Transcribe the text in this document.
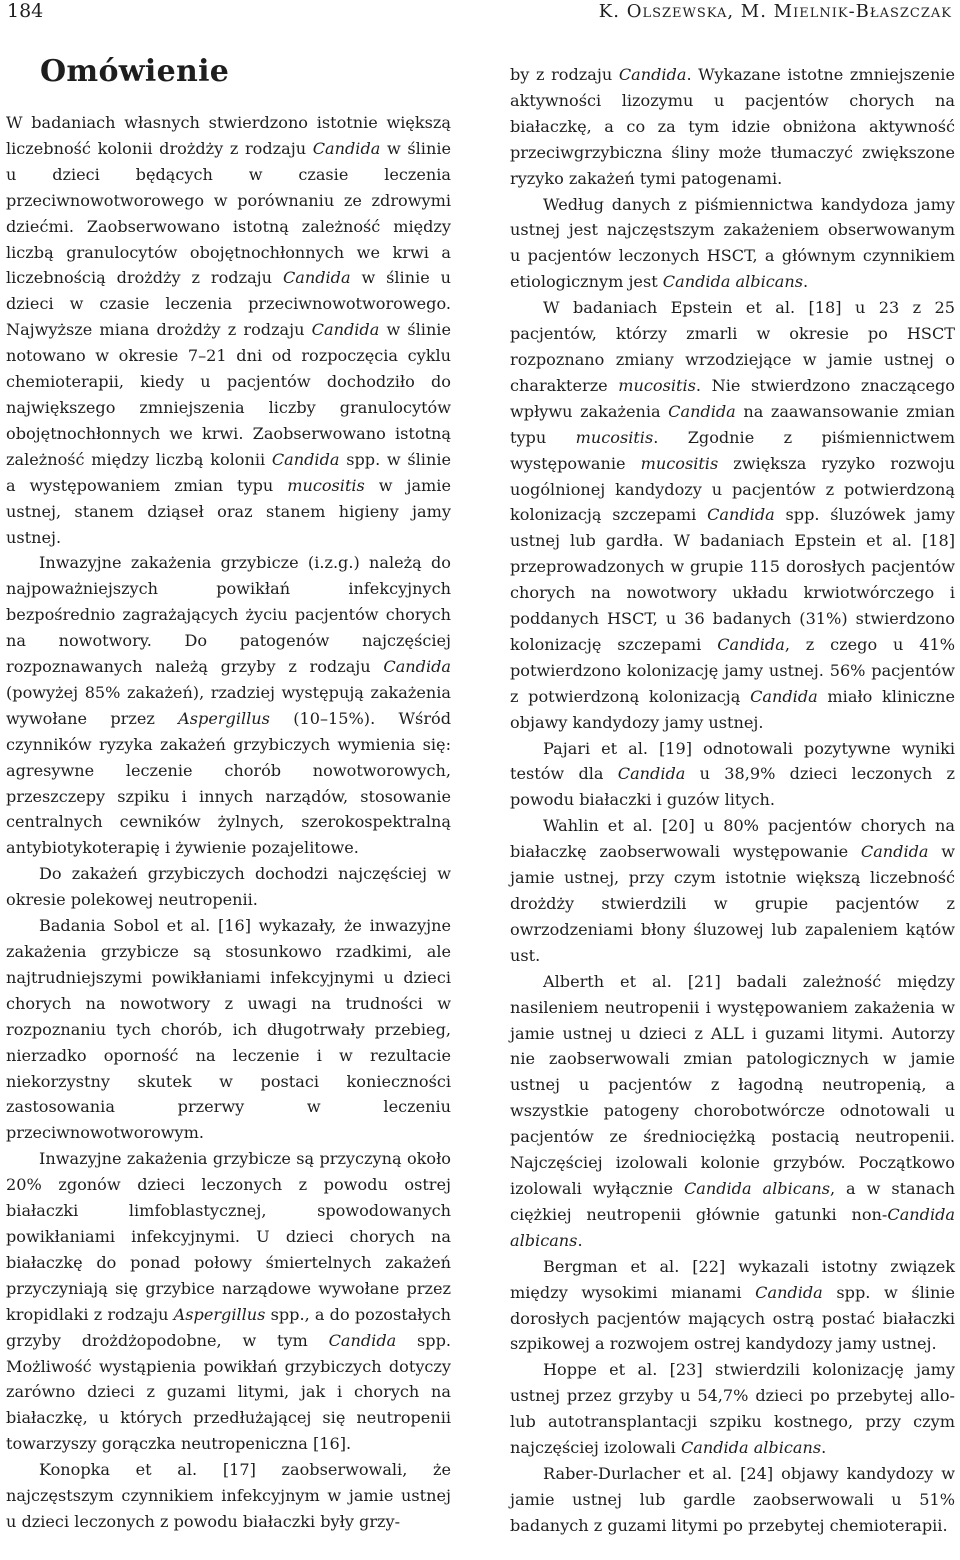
184	K. Olszewska, M. Mielnik-Błaszczak
Omówienie

W badaniach własnych stwierdzono istotnie większą liczebność kolonii drożdży z rodzaju Candida w ślinie u dzieci będących w czasie leczenia przeciwnowotworowego w porównaniu ze zdrowymi dziećmi. Zaobserwowano istotną zależność między liczbą granulocytów obojętnochłonnych we krwi a liczebnością drożdży z rodzaju Candida w ślinie u dzieci w czasie leczenia przeciwnowotworowego. Najwyższe miana drożdży z rodzaju Candida w ślinie notowano w okresie 7–21 dni od rozpoczęcia cyklu chemioterapii, kiedy u pacjentów dochodziło do największego zmniejszenia liczby granulocytów obojętnochłonnych we krwi. Zaobserwowano istotną zależność między liczbą kolonii Candida spp. w ślinie a występowaniem zmian typu mucositis w jamie ustnej, stanem dziąseł oraz stanem higieny jamy ustnej.

Inwazyjne zakażenia grzybicze (i.z.g.) należą do najpoważniejszych powikłań infekcyjnych bezpośrednio zagrażających życiu pacjentów chorych na nowotwory. Do patogenów najczęściej rozpoznawanych należą grzyby z rodzaju Candida (powyżej 85% zakażeń), rzadziej występują zakażenia wywołane przez Aspergillus (10–15%). Wśród czynników ryzyka zakażeń grzybiczych wymienia się: agresywne leczenie chorób nowotworowych, przeszczepy szpiku i innych narządów, stosowanie centralnych cewników żylnych, szerokospektralną antybiotykoterapię i żywienie pozajelitowe.

Do zakażeń grzybiczych dochodzi najczęściej w okresie polekowej neutropenii.

Badania Sobol et al. [16] wykazały, że inwazyjne zakażenia grzybicze są stosunkowo rzadkimi, ale najtrudniejszymi powikłaniami infekcyjnymi u dzieci chorych na nowotwory z uwagi na trudności w rozpoznaniu tych chorób, ich długotrwały przebieg, nierzadko oporność na leczenie i w rezultacie niekorzystny skutek w postaci konieczności zastosowania przerwy w leczeniu przeciwnowotworowym.

Inwazyjne zakażenia grzybicze są przyczyną około 20% zgonów dzieci leczonych z powodu ostrej białaczki limfoblastycznej, spowodowanych powikłaniami infekcyjnymi. U dzieci chorych na białaczkę do ponad połowy śmiertelnych zakażeń przyczyniają się grzybice narządowe wywołane przez kropidlaki z rodzaju Aspergillus spp., a do pozostałych grzyby drożdżopodobne, w tym Candida spp. Możliwość wystąpienia powikłań grzybiczych dotyczy zarówno dzieci z guzami litymi, jak i chorych na białaczkę, u których przedłużającej się neutropenii towarzyszy gorączka neutropeniczna [16].

Konopka et al. [17] zaobserwowali, że najczęstszym czynnikiem infekcyjnym w jamie ustnej u dzieci leczonych z powodu białaczki były grzy-

by z rodzaju Candida. Wykazane istotne zmniejszenie aktywności lizozymu u pacjentów chorych na białaczkę, a co za tym idzie obniżona aktywność przeciwgrzybiczna śliny może tłumaczyć zwiększone ryzyko zakażeń tymi patogenami.

Według danych z piśmiennictwa kandydoza jamy ustnej jest najczęstszym zakażeniem obserwowanym u pacjentów leczonych HSCT, a głównym czynnikiem etiologicznym jest Candida albicans.

W badaniach Epstein et al. [18] u 23 z 25 pacjentów, którzy zmarli w okresie po HSCT rozpoznano zmiany wrzodziejące w jamie ustnej o charakterze mucositis. Nie stwierdzono znaczącego wpływu zakażenia Candida na zaawansowanie zmian typu mucositis. Zgodnie z piśmiennictwem występowanie mucositis zwiększa ryzyko rozwoju uogólnionej kandydozy u pacjentów z potwierdzoną kolonizacją szczepami Candida spp. śluzówek jamy ustnej lub gardła. W badaniach Epstein et al. [18] przeprowadzonych w grupie 115 dorosłych pacjentów chorych na nowotwory układu krwiotwórczego i poddanych HSCT, u 36 badanych (31%) stwierdzono kolonizację szczepami Candida, z czego u 41% potwierdzono kolonizację jamy ustnej. 56% pacjentów z potwierdzoną kolonizacją Candida miało kliniczne objawy kandydozy jamy ustnej.

Pajari et al. [19] odnotowali pozytywne wyniki testów dla Candida u 38,9% dzieci leczonych z powodu białaczki i guzów litych.

Wahlin et al. [20] u 80% pacjentów chorych na białaczkę zaobserwowali występowanie Candida w jamie ustnej, przy czym istotnie większą liczebność drożdży stwierdzili w grupie pacjentów z owrzodzeniami błony śluzowej lub zapaleniem kątów ust.

Alberth et al. [21] badali zależność między nasileniem neutropenii i występowaniem zakażenia w jamie ustnej u dzieci z ALL i guzami litymi. Autorzy nie zaobserwowali zmian patologicznych w jamie ustnej u pacjentów z łagodną neutropenią, a wszystkie patogeny chorobotwórcze odnotowali u pacjentów ze średniociężką postacią neutropenii. Najczęściej izolowali kolonie grzybów. Początkowo izolowali wyłącznie Candida albicans, a w stanach ciężkiej neutropenii głównie gatunki non-Candida albicans.

Bergman et al. [22] wykazali istotny związek między wysokimi mianami Candida spp. w ślinie dorosłych pacjentów mających ostrą postać białaczki szpikowej a rozwojem ostrej kandydozy jamy ustnej.

Hoppe et al. [23] stwierdzili kolonizację jamy ustnej przez grzyby u 54,7% dzieci po przebytej allo- lub autotransplantacji szpiku kostnego, przy czym najczęściej izolowali Candida albicans.

Raber-Durlacher et al. [24] objawy kandydozy w jamie ustnej lub gardle zaobserwowali u 51% badanych z guzami litymi po przebytej chemioterapii.
